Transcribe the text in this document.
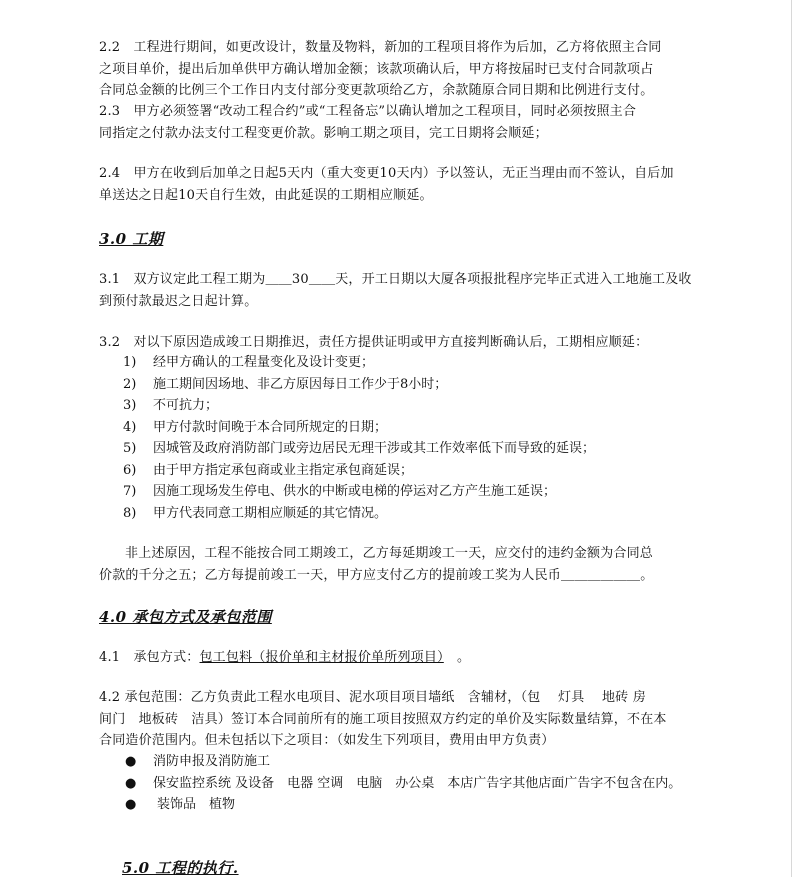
2.2　工程进行期间，如更改设计，数量及物料，新加的工程项目将作为后加，乙方将依照主合同
之项目单价，提出后加单供甲方确认增加金额；该款项确认后，甲方将按届时已支付合同款项占
合同总金额的比例三个工作日内支付部分变更款项给乙方，余款随原合同日期和比例进行支付。
2.3　甲方必须签署“改动工程合约”或“工程备忘”以确认增加之工程项目，同时必须按照主合
同指定之付款办法支付工程变更价款。影响工期之项目，完工日期将会顺延；
2.4　甲方在收到后加单之日起5天内（重大变更10天内）予以签认，无正当理由而不签认，自后加
单送达之日起10天自行生效，由此延误的工期相应顺延。
3.0 工期
3.1　双方议定此工程工期为＿＿30＿＿天，开工日期以大厦各项报批程序完毕正式进入工地施工及收
到预付款最迟之日起计算。
3.2　对以下原因造成竣工日期推迟，责任方提供证明或甲方直接判断确认后，工期相应顺延：
1) 经甲方确认的工程量变化及设计变更；
2) 施工期间因场地、非乙方原因每日工作少于8小时；
3) 不可抗力；
4) 甲方付款时间晚于本合同所规定的日期；
5) 因城管及政府消防部门或旁边居民无理干涉或其工作效率低下而导致的延误；
6) 由于甲方指定承包商或业主指定承包商延误；
7) 因施工现场发生停电、供水的中断或电梯的停运对乙方产生施工延误；
8) 甲方代表同意工期相应顺延的其它情况。
非上述原因，工程不能按合同工期竣工，乙方每延期竣工一天，应交付的违约金额为合同总
价款的千分之五；乙方每提前竣工一天，甲方应支付乙方的提前竣工奖为人民币＿＿＿＿＿＿。
4.0 承包方式及承包范围
4.1　承包方式：包工包料（报价单和主材报价单所列项目）　。
4.2 承包范围：乙方负责此工程水电项目、泥水项目项目墙纸　含辅材，（包　 灯具　 地砖 房
间门　地板砖　洁具）签订本合同前所有的施工项目按照双方约定的单价及实际数量结算，不在本
合同造价范围内。但未包括以下之项目：（如发生下列项目，费用由甲方负责）
● 消防申报及消防施工
● 保安监控系统 及设备　电器 空调　电脑　办公桌　本店广告字其他店面广告字不包含在内。
● 装饰品　植物
5.0 工程的执行.
